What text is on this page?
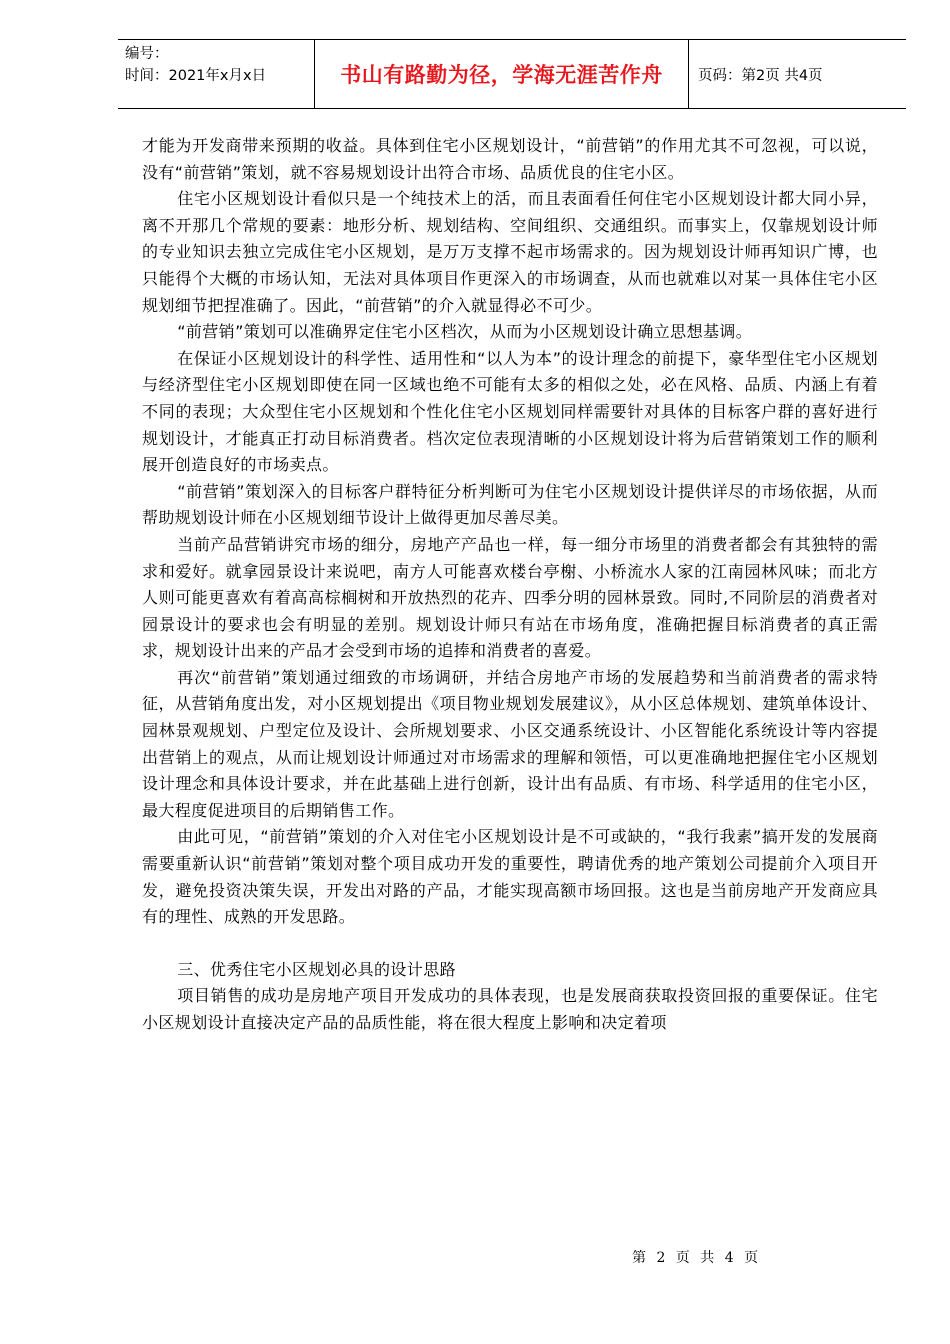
编号：
时间：2021年x月x日	书山有路勤为径，学海无涯苦作舟	页码：第2页 共4页

才能为开发商带来预期的收益。具体到住宅小区规划设计，“前营销”的作用尤其不可忽视，可以说，没有“前营销”策划，就不容易规划设计出符合市场、品质优良的住宅小区。

住宅小区规划设计看似只是一个纯技术上的活，而且表面看任何住宅小区规划设计都大同小异，离不开那几个常规的要素：地形分析、规划结构、空间组织、交通组织。而事实上，仅靠规划设计师的专业知识去独立完成住宅小区规划，是万万支撑不起市场需求的。因为规划设计师再知识广博，也只能得个大概的市场认知，无法对具体项目作更深入的市场调查，从而也就难以对某一具体住宅小区规划细节把捏准确了。因此，“前营销”的介入就显得必不可少。

“前营销”策划可以准确界定住宅小区档次，从而为小区规划设计确立思想基调。

在保证小区规划设计的科学性、适用性和“以人为本”的设计理念的前提下，豪华型住宅小区规划与经济型住宅小区规划即使在同一区域也绝不可能有太多的相似之处，必在风格、品质、内涵上有着不同的表现；大众型住宅小区规划和个性化住宅小区规划同样需要针对具体的目标客户群的喜好进行规划设计，才能真正打动目标消费者。档次定位表现清晰的小区规划设计将为后营销策划工作的顺利展开创造良好的市场卖点。

“前营销”策划深入的目标客户群特征分析判断可为住宅小区规划设计提供详尽的市场依据，从而帮助规划设计师在小区规划细节设计上做得更加尽善尽美。

当前产品营销讲究市场的细分，房地产产品也一样，每一细分市场里的消费者都会有其独特的需求和爱好。就拿园景设计来说吧，南方人可能喜欢楼台亭榭、小桥流水人家的江南园林风味；而北方人则可能更喜欢有着高高棕榈树和开放热烈的花卉、四季分明的园林景致。同时,不同阶层的消费者对园景设计的要求也会有明显的差别。规划设计师只有站在市场角度，准确把握目标消费者的真正需求，规划设计出来的产品才会受到市场的追捧和消费者的喜爱。

再次“前营销”策划通过细致的市场调研，并结合房地产市场的发展趋势和当前消费者的需求特征，从营销角度出发，对小区规划提出《项目物业规划发展建议》，从小区总体规划、建筑单体设计、园林景观规划、户型定位及设计、会所规划要求、小区交通系统设计、小区智能化系统设计等内容提出营销上的观点，从而让规划设计师通过对市场需求的理解和领悟，可以更准确地把握住宅小区规划设计理念和具体设计要求，并在此基础上进行创新，设计出有品质、有市场、科学适用的住宅小区，最大程度促进项目的后期销售工作。

由此可见，“前营销”策划的介入对住宅小区规划设计是不可或缺的，“我行我素”搞开发的发展商需要重新认识“前营销”策划对整个项目成功开发的重要性，聘请优秀的地产策划公司提前介入项目开发，避免投资决策失误，开发出对路的产品，才能实现高额市场回报。这也是当前房地产开发商应具有的理性、成熟的开发思路。

三、优秀住宅小区规划必具的设计思路

项目销售的成功是房地产项目开发成功的具体表现，也是发展商获取投资回报的重要保证。住宅小区规划设计直接决定产品的品质性能，将在很大程度上影响和决定着项

第 2 页 共 4 页
